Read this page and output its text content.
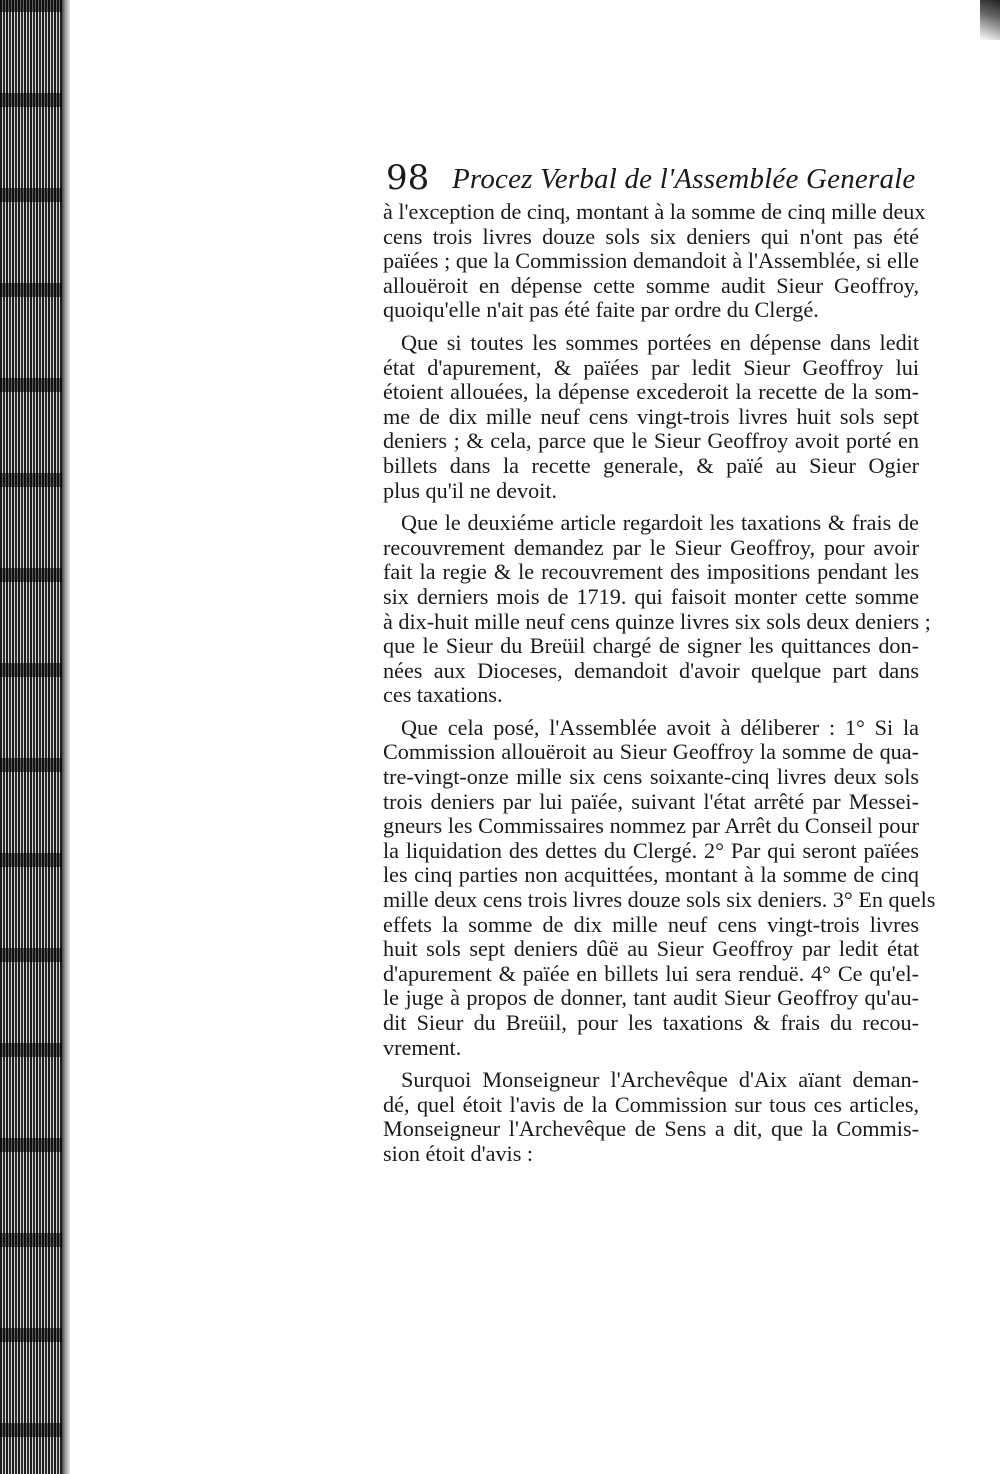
98 Procez Verbal de l'Assemblée Generale

à l'exception de cinq, montant à la somme de cinq mille deux
cens trois livres douze sols six deniers qui n'ont pas été
païées ; que la Commission demandoit à l'Assemblée, si elle
allouëroit en dépense cette somme audit Sieur Geoffroy,
quoiqu'elle n'ait pas été faite par ordre du Clergé.

Que si toutes les sommes portées en dépense dans ledit
état d'apurement, & païées par ledit Sieur Geoffroy lui
étoient allouées, la dépense excederoit la recette de la som-
me de dix mille neuf cens vingt-trois livres huit sols sept
deniers ; & cela, parce que le Sieur Geoffroy avoit porté en
billets dans la recette generale, & païé au Sieur Ogier
plus qu'il ne devoit.

Que le deuxiéme article regardoit les taxations & frais de
recouvrement demandez par le Sieur Geoffroy, pour avoir
fait la regie & le recouvrement des impositions pendant les
six derniers mois de 1719. qui faisoit monter cette somme
à dix-huit mille neuf cens quinze livres six sols deux deniers ;
que le Sieur du Breüil chargé de signer les quittances don-
nées aux Dioceses, demandoit d'avoir quelque part dans
ces taxations.

Que cela posé, l'Assemblée avoit à déliberer : 1° Si la
Commission allouëroit au Sieur Geoffroy la somme de qua-
tre-vingt-onze mille six cens soixante-cinq livres deux sols
trois deniers par lui païée, suivant l'état arrêté par Messei-
gneurs les Commissaires nommez par Arrêt du Conseil pour
la liquidation des dettes du Clergé. 2° Par qui seront païées
les cinq parties non acquittées, montant à la somme de cinq
mille deux cens trois livres douze sols six deniers. 3° En quels
effets la somme de dix mille neuf cens vingt-trois livres
huit sols sept deniers dûë au Sieur Geoffroy par ledit état
d'apurement & païée en billets lui sera renduë. 4° Ce qu'el-
le juge à propos de donner, tant audit Sieur Geoffroy qu'au-
dit Sieur du Breüil, pour les taxations & frais du recou-
vrement.

Surquoi Monseigneur l'Archevêque d'Aix aïant deman-
dé, quel étoit l'avis de la Commission sur tous ces articles,
Monseigneur l'Archevêque de Sens a dit, que la Commis-
sion étoit d'avis :
